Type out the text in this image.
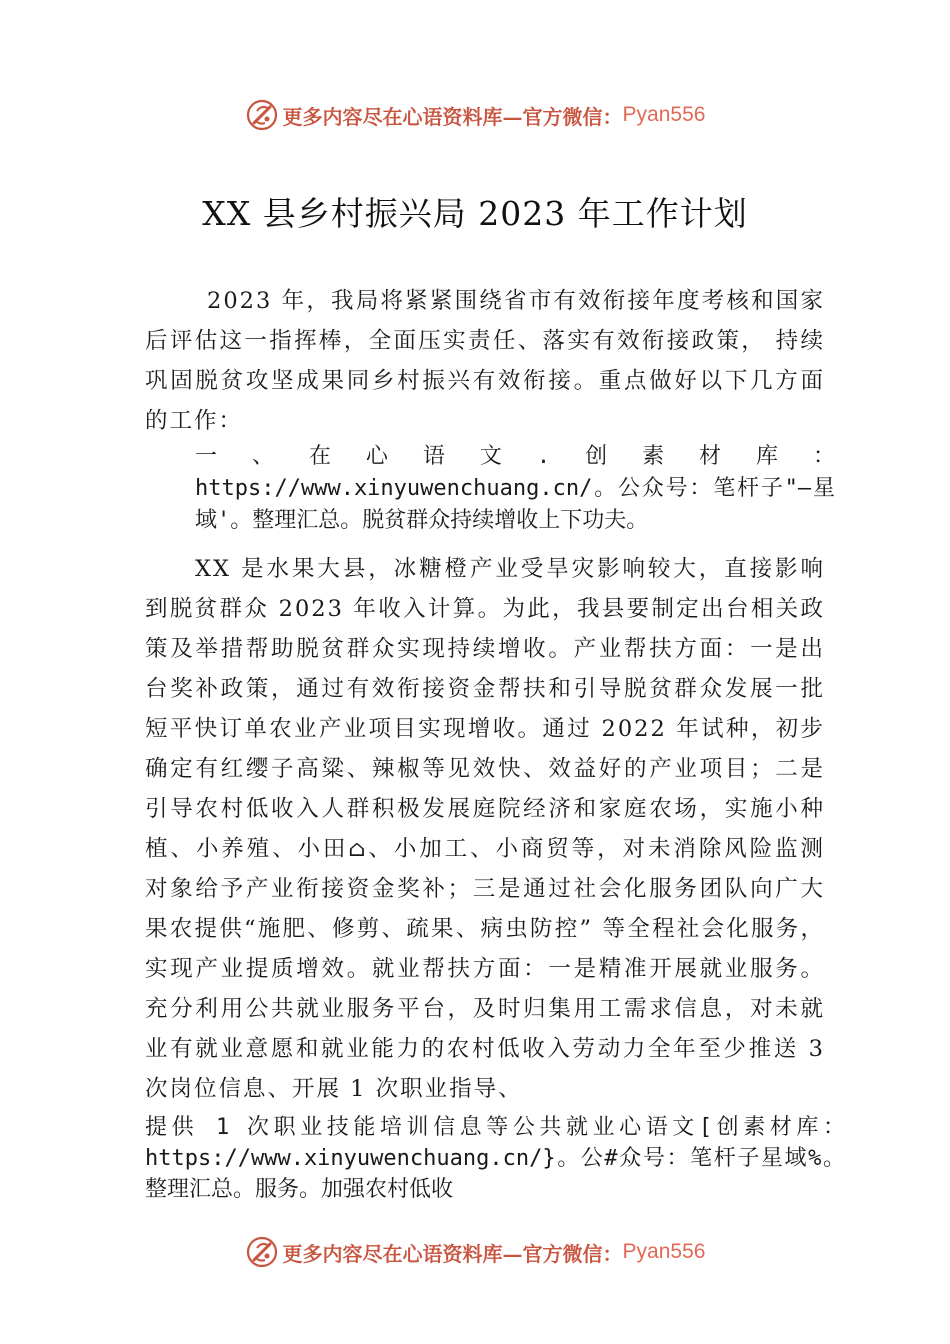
更多内容尽在心语资料库—官方微信： Pyan556
XX 县乡村振兴局 2023 年工作计划

2023 年，我局将紧紧围绕省市有效衔接年度考核和国家后评估这一指挥棒，全面压实责任、落实有效衔接政策， 持续巩固脱贫攻坚成果同乡村振兴有效衔接。重点做好以下几方面的工作：

一、在心语文.创素材库：https://www.xinyuwenchuang.cn/。公众号：笔杆子"—星域'。整理汇总。脱贫群众持续增收上下功夫。

XX 是水果大县，冰糖橙产业受旱灾影响较大，直接影响到脱贫群众 2023 年收入计算。为此，我县要制定出台相关政策及举措帮助脱贫群众实现持续增收。产业帮扶方面：一是出台奖补政策，通过有效衔接资金帮扶和引导脱贫群众发展一批短平快订单农业产业项目实现增收。通过 2022 年试种，初步确定有红缨子高粱、辣椒等见效快、效益好的产业项目；二是引导农村低收入人群积极发展庭院经济和家庭农场，实施小种植、小养殖、小田⌂、小加工、小商贸等，对未消除风险监测对象给予产业衔接资金奖补；三是通过社会化服务团队向广大果农提供“施肥、修剪、疏果、病虫防控” 等全程社会化服务，实现产业提质增效。就业帮扶方面：一是精准开展就业服务。充分利用公共就业服务平台，及时归集用工需求信息，对未就业有就业意愿和就业能力的农村低收入劳动力全年至少推送 3 次岗位信息、开展 1 次职业指导、

提供 1 次职业技能培训信息等公共就业心语文[创素材库：https://www.xinyuwenchuang.cn/}。公#众号：笔杆子星域%。整理汇总。服务。加强农村低收

更多内容尽在心语资料库—官方微信： Pyan556
